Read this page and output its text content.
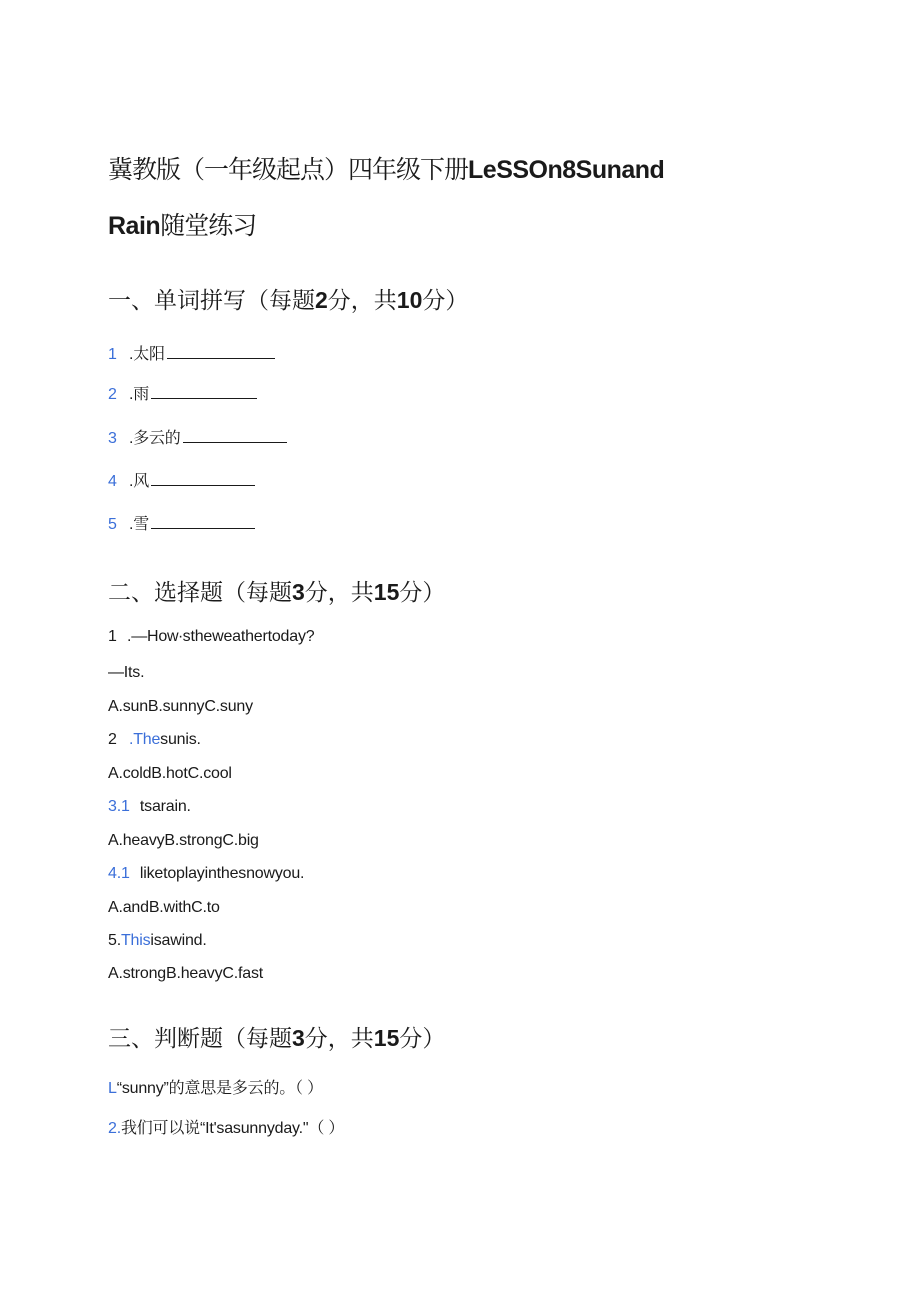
冀教版（一年级起点）四年级下册LeSSOn8Sunand
Rain随堂练习
一、单词拼写（每题2分，共10分）
1 .太阳
2 .雨
3 .多云的
4 .风
5 .雪
二、选择题（每题3分，共15分）
1 .—How∙stheweathertoday?
—Its.
A.sunB.sunnyC.suny
2 .Thesunis.
A.coldB.hotC.cool
3.1 tsarain.
A.heavyB.strongC.big
4.1 liketoplayinthesnowyou.
A.andB.withC.to
5.Thisisawind.
A.strongB.heavyC.fast
三、判断题（每题3分，共15分）
L“sunny”的意思是多云的。（ ）
2.我们可以说“It'sasunnyday."（ ）
